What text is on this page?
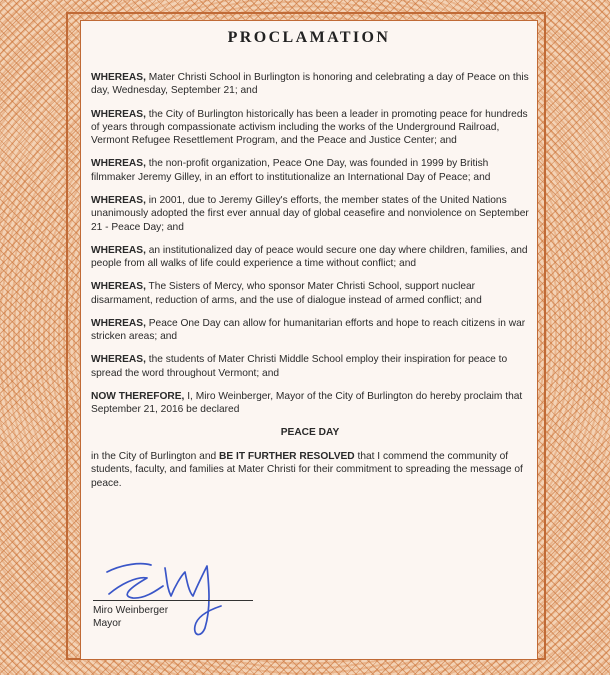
PROCLAMATION

WHEREAS, Mater Christi School in Burlington is honoring and celebrating a day of Peace on this day, Wednesday, September 21; and

WHEREAS, the City of Burlington historically has been a leader in promoting peace for hundreds of years through compassionate activism including the works of the Underground Railroad, Vermont Refugee Resettlement Program, and the Peace and Justice Center; and

WHEREAS, the non-profit organization, Peace One Day, was founded in 1999 by British filmmaker Jeremy Gilley, in an effort to institutionalize an International Day of Peace; and

WHEREAS, in 2001, due to Jeremy Gilley's efforts, the member states of the United Nations unanimously adopted the first ever annual day of global ceasefire and nonviolence on September 21 - Peace Day; and

WHEREAS, an institutionalized day of peace would secure one day where children, families, and people from all walks of life could experience a time without conflict; and

WHEREAS, The Sisters of Mercy, who sponsor Mater Christi School, support nuclear disarmament, reduction of arms, and the use of dialogue instead of armed conflict; and

WHEREAS, Peace One Day can allow for humanitarian efforts and hope to reach citizens in war stricken areas; and

WHEREAS, the students of Mater Christi Middle School employ their inspiration for peace to spread the word throughout Vermont; and

NOW THEREFORE, I, Miro Weinberger, Mayor of the City of Burlington do hereby proclaim that September 21, 2016 be declared

PEACE DAY

in the City of Burlington and BE IT FURTHER RESOLVED that I commend the community of students, faculty, and families at Mater Christi for their commitment to spreading the message of peace.

Miro Weinberger
Mayor
